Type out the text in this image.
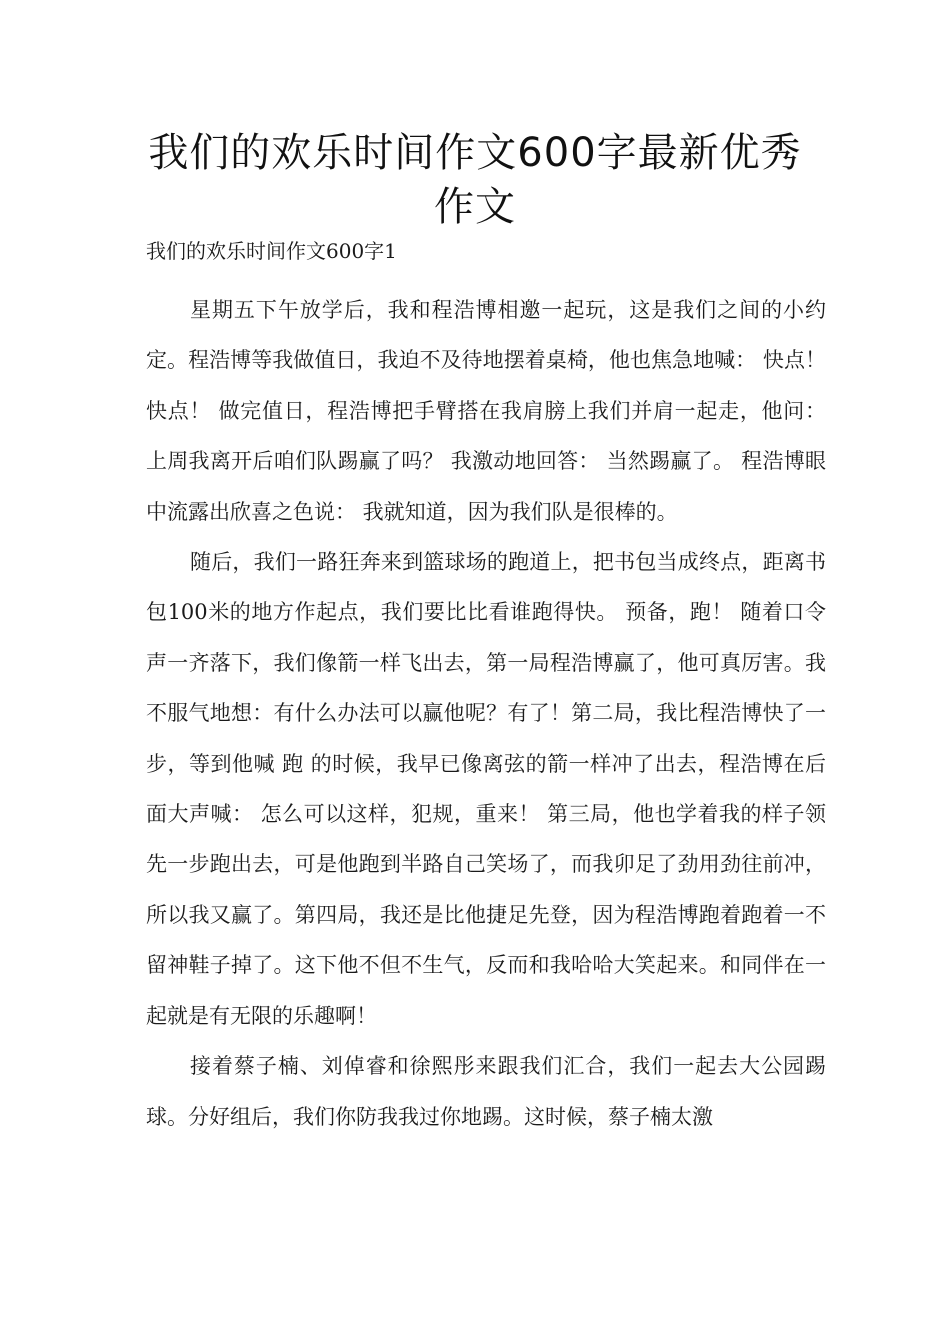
我们的欢乐时间作文600字最新优秀作文
我们的欢乐时间作文600字1

星期五下午放学后，我和程浩博相邀一起玩，这是我们之间的小约定。程浩博等我做值日，我迫不及待地摆着桌椅，他也焦急地喊： 快点！快点！ 做完值日，程浩博把手臂搭在我肩膀上我们并肩一起走，他问： 上周我离开后咱们队踢赢了吗？ 我激动地回答： 当然踢赢了。 程浩博眼中流露出欣喜之色说： 我就知道，因为我们队是很棒的。

随后，我们一路狂奔来到篮球场的跑道上，把书包当成终点，距离书包100米的地方作起点，我们要比比看谁跑得快。 预备，跑！ 随着口令声一齐落下，我们像箭一样飞出去，第一局程浩博赢了，他可真厉害。我不服气地想：有什么办法可以赢他呢？有了！第二局，我比程浩博快了一步，等到他喊 跑 的时候，我早已像离弦的箭一样冲了出去，程浩博在后面大声喊： 怎么可以这样，犯规，重来！ 第三局，他也学着我的样子领先一步跑出去，可是他跑到半路自己笑场了，而我卯足了劲用劲往前冲，所以我又赢了。第四局，我还是比他捷足先登，因为程浩博跑着跑着一不留神鞋子掉了。这下他不但不生气，反而和我哈哈大笑起来。和同伴在一起就是有无限的乐趣啊！

接着蔡子楠、刘倬睿和徐熙彤来跟我们汇合，我们一起去大公园踢球。分好组后，我们你防我我过你地踢。这时候，蔡子楠太激
